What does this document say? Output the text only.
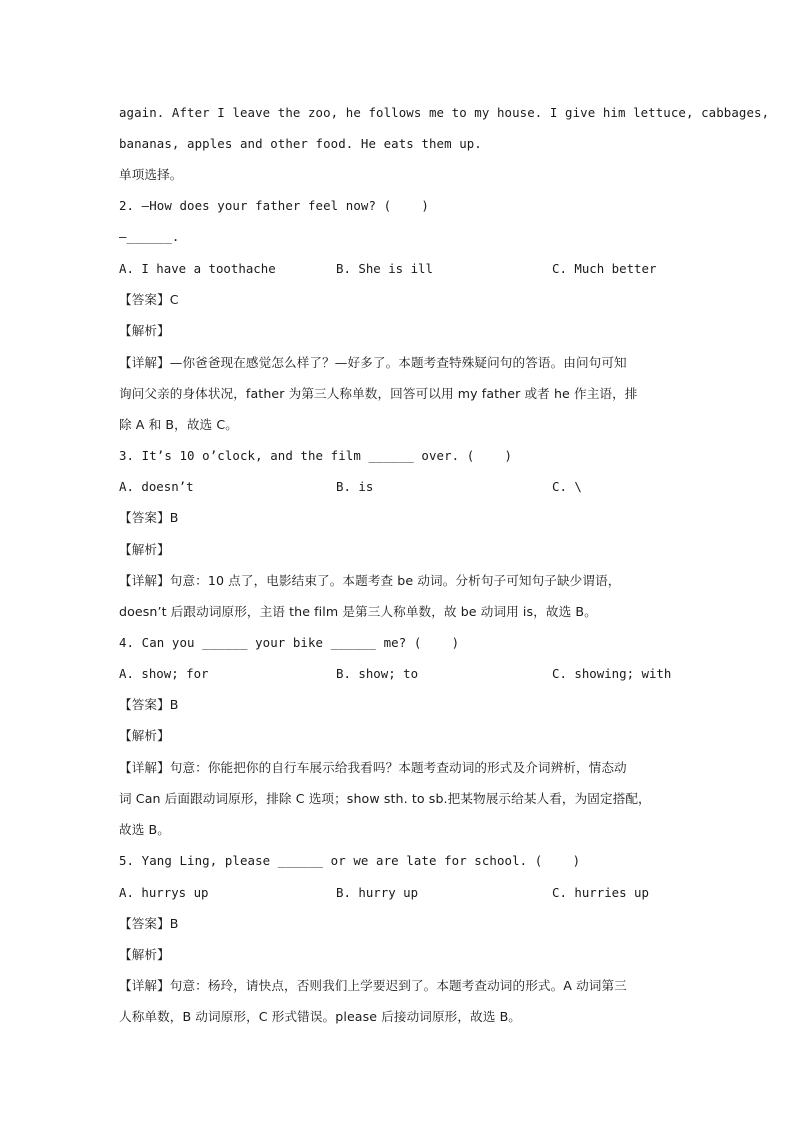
again. After I leave the zoo, he follows me to my house. I give him lettuce, cabbages,
bananas, apples and other food. He eats them up.
单项选择。
2. —How does your father feel now? (    )
—______.
A. I have a toothache	B. She is ill	C. Much better
【答案】C
【解析】
【详解】—你爸爸现在感觉怎么样了？—好多了。本题考查特殊疑问句的答语。由问句可知
询问父亲的身体状况，father 为第三人称单数，回答可以用 my father 或者 he 作主语，排
除 A 和 B，故选 C。
3. It’s 10 o’clock, and the film ______ over. (    )
A. doesn’t	B. is	C. \
【答案】B
【解析】
【详解】句意：10 点了，电影结束了。本题考查 be 动词。分析句子可知句子缺少谓语，
doesn’t 后跟动词原形，主语 the film 是第三人称单数，故 be 动词用 is，故选 B。
4. Can you ______ your bike ______ me? (    )
A. show; for	B. show; to	C. showing; with
【答案】B
【解析】
【详解】句意：你能把你的自行车展示给我看吗？本题考查动词的形式及介词辨析，情态动
词 Can 后面跟动词原形，排除 C 选项；show sth. to sb.把某物展示给某人看，为固定搭配，
故选 B。
5. Yang Ling, please ______ or we are late for school. (    )
A. hurrys up	B. hurry up	C. hurries up
【答案】B
【解析】
【详解】句意：杨玲，请快点，否则我们上学要迟到了。本题考查动词的形式。A 动词第三
人称单数，B 动词原形，C 形式错误。please 后接动词原形，故选 B。
